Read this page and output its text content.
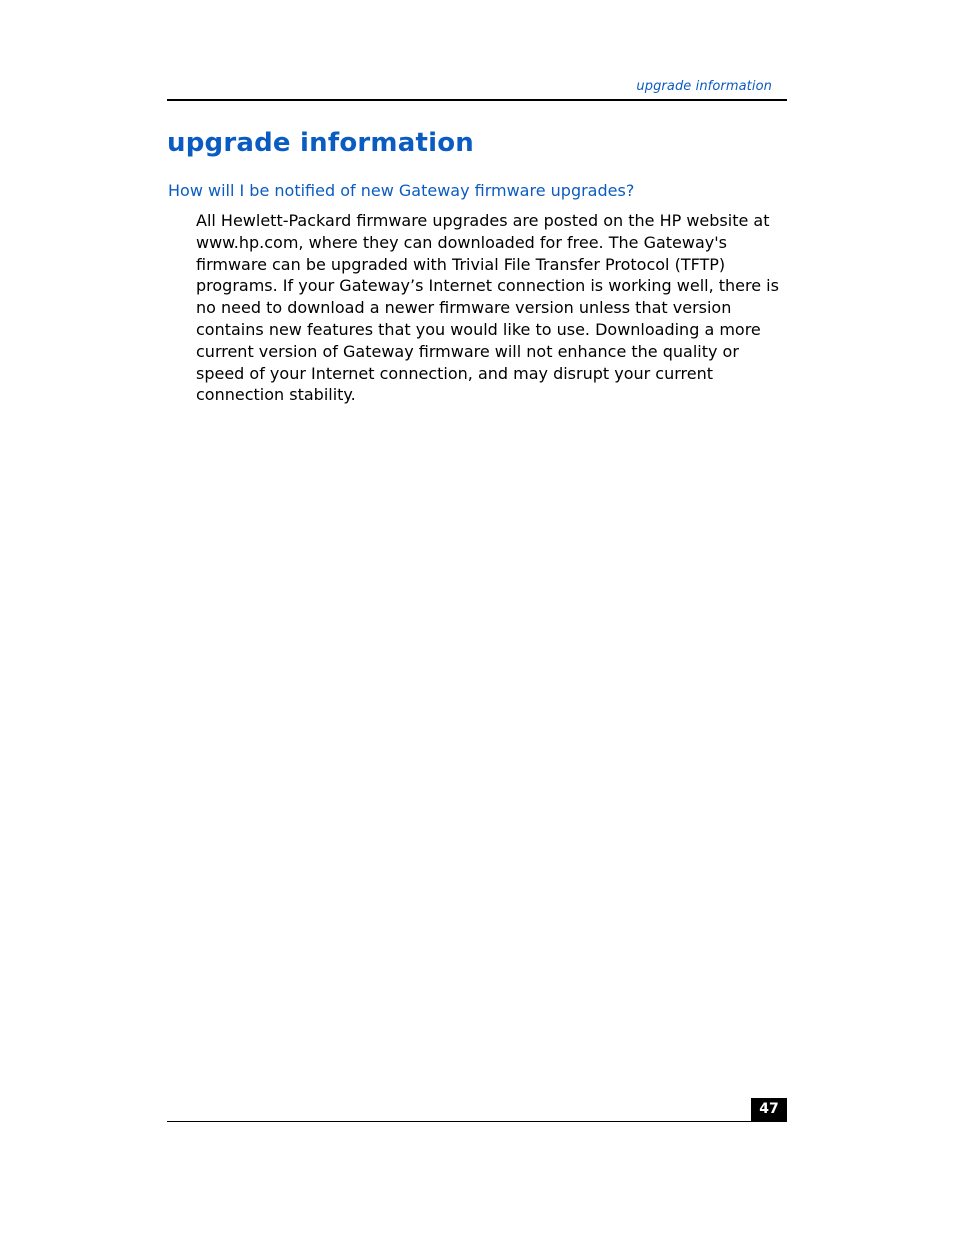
upgrade information
upgrade information
How will I be notified of new Gateway firmware upgrades?

All Hewlett-Packard firmware upgrades are posted on the HP website at www.hp.com, where they can downloaded for free. The Gateway's firmware can be upgraded with Trivial File Transfer Protocol (TFTP) programs. If your Gateway’s Internet connection is working well, there is no need to download a newer firmware version unless that version contains new features that you would like to use. Downloading a more current version of Gateway firmware will not enhance the quality or speed of your Internet connection, and may disrupt your current connection stability.

47
